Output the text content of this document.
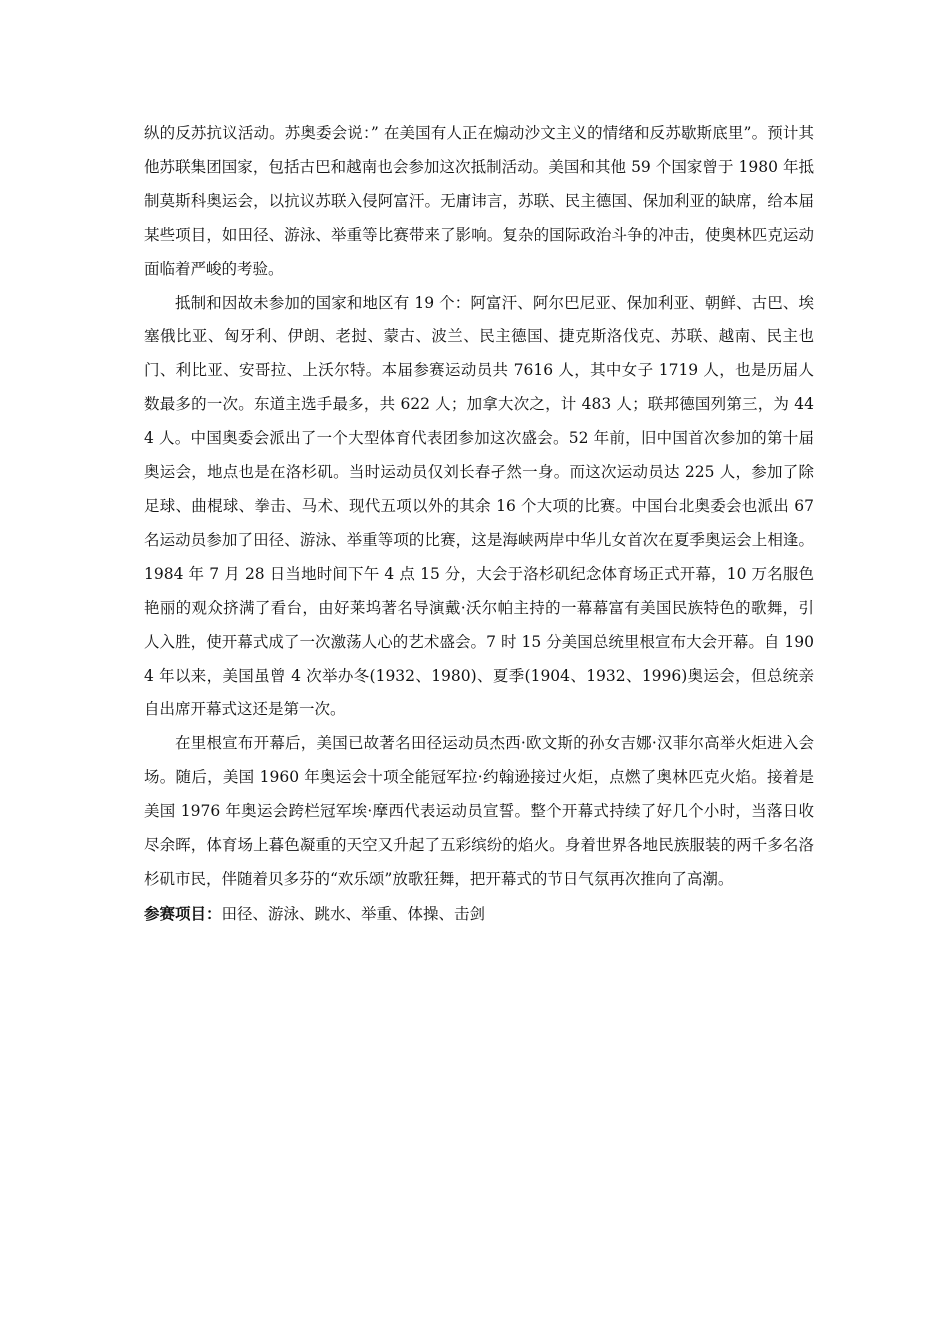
纵的反苏抗议活动。苏奥委会说：” 在美国有人正在煽动沙文主义的情绪和反苏歇斯底里”。预计其他苏联集团国家，包括古巴和越南也会参加这次抵制活动。美国和其他 59 个国家曾于 1980 年抵制莫斯科奥运会，以抗议苏联入侵阿富汗。无庸讳言，苏联、民主德国、保加利亚的缺席，给本届某些项目，如田径、游泳、举重等比赛带来了影响。复杂的国际政治斗争的冲击，使奥林匹克运动面临着严峻的考验。

抵制和因故未参加的国家和地区有 19 个：阿富汗、阿尔巴尼亚、保加利亚、朝鲜、古巴、埃塞俄比亚、匈牙利、伊朗、老挝、蒙古、波兰、民主德国、捷克斯洛伐克、苏联、越南、民主也门、利比亚、安哥拉、上沃尔特。本届参赛运动员共 7616 人，其中女子 1719 人，也是历届人数最多的一次。东道主选手最多，共 622 人；加拿大次之，计 483 人；联邦德国列第三，为 444 人。中国奥委会派出了一个大型体育代表团参加这次盛会。52 年前，旧中国首次参加的第十届奥运会，地点也是在洛杉矶。当时运动员仅刘长春孑然一身。而这次运动员达 225 人，参加了除足球、曲棍球、拳击、马术、现代五项以外的其余 16 个大项的比赛。中国台北奥委会也派出 67 名运动员参加了田径、游泳、举重等项的比赛，这是海峡两岸中华儿女首次在夏季奥运会上相逢。1984 年 7 月 28 日当地时间下午 4 点 15 分，大会于洛杉矶纪念体育场正式开幕，10 万名服色艳丽的观众挤满了看台，由好莱坞著名导演戴·沃尔帕主持的一幕幕富有美国民族特色的歌舞，引人入胜，使开幕式成了一次激荡人心的艺术盛会。7 时 15 分美国总统里根宣布大会开幕。自 1904 年以来，美国虽曾 4 次举办冬(1932、1980)、夏季(1904、1932、1996)奥运会，但总统亲自出席开幕式这还是第一次。

在里根宣布开幕后，美国已故著名田径运动员杰西·欧文斯的孙女吉娜·汉菲尔高举火炬进入会场。随后，美国 1960 年奥运会十项全能冠军拉·约翰逊接过火炬，点燃了奥林匹克火焰。接着是美国 1976 年奥运会跨栏冠军埃·摩西代表运动员宣誓。整个开幕式持续了好几个小时，当落日收尽余晖，体育场上暮色凝重的天空又升起了五彩缤纷的焰火。身着世界各地民族服装的两千多名洛杉矶市民，伴随着贝多芬的“欢乐颂”放歌狂舞，把开幕式的节日气氛再次推向了高潮。

参赛项目：田径、游泳、跳水、举重、体操、击剑
